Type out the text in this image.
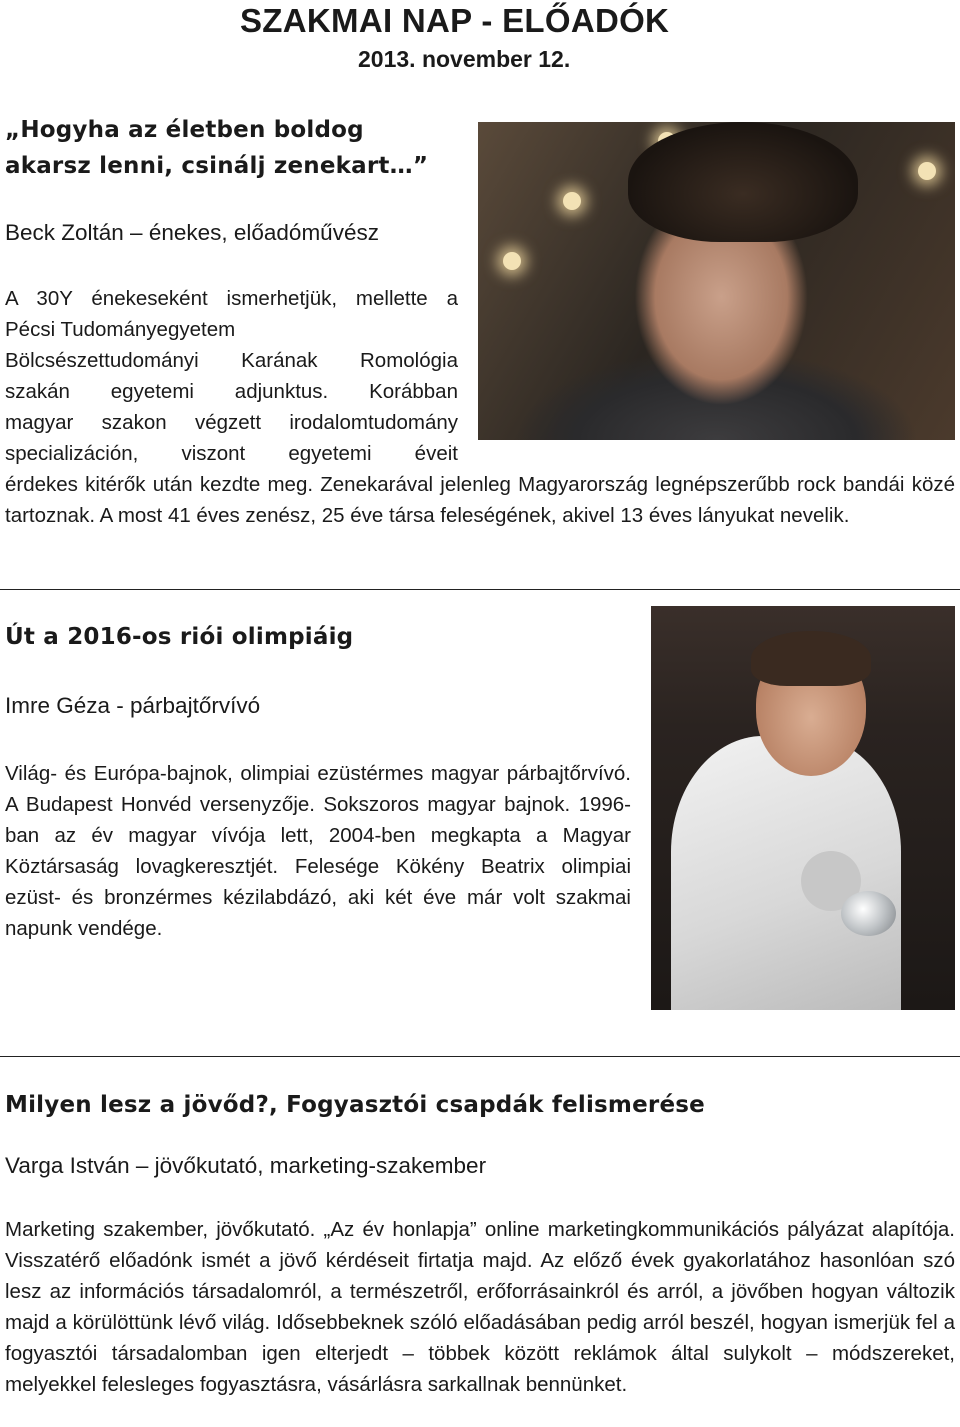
SZAKMAI NAP - ELŐADÓK
2013. november 12.
„Hogyha az életben boldog
akarsz lenni, csinálj zenekart…”
Beck Zoltán – énekes, előadóművész

A 30Y énekeseként ismerhetjük, mellette a

Pécsi Tudományegyetem

Bölcsészettudományi Karának Romológia

szakán egyetemi adjunktus. Korábban

magyar szakon végzett irodalomtudomány

specializáción, viszont egyetemi éveit

érdekes kitérők után kezdte meg. Zenekarával jelenleg Magyarország legnépszerűbb rock bandái közé tartoznak. A most 41 éves zenész, 25 éve társa feleségének, akivel 13 éves lányukat nevelik.
Út a 2016-os riói olimpiáig
Imre Géza - párbajtőrvívó
Világ- és Európa-bajnok, olimpiai ezüstérmes magyar párbajtőrvívó. A Budapest Honvéd versenyzője. Sokszoros magyar bajnok. 1996-ban az év magyar vívója lett, 2004-ben megkapta a Magyar Köztársaság lovagkeresztjét. Felesége Kökény Beatrix olimpiai ezüst- és bronzérmes kézilabdázó, aki két éve már volt szakmai napunk vendége.
Milyen lesz a jövőd?, Fogyasztói csapdák felismerése
Varga István – jövőkutató, marketing-szakember
Marketing szakember, jövőkutató. „Az év honlapja” online marketingkommunikációs pályázat alapítója. Visszatérő előadónk ismét a jövő kérdéseit firtatja majd. Az előző évek gyakorlatához hasonlóan szó lesz az információs társadalomról, a természetről, erőforrásainkról és arról, a jövőben hogyan változik majd a körülöttünk lévő világ. Idősebbeknek szóló előadásában pedig arról beszél, hogyan ismerjük fel a fogyasztói társadalomban igen elterjedt – többek között reklámok által sulykolt – módszereket, melyekkel felesleges fogyasztásra, vásárlásra sarkallnak bennünket.
